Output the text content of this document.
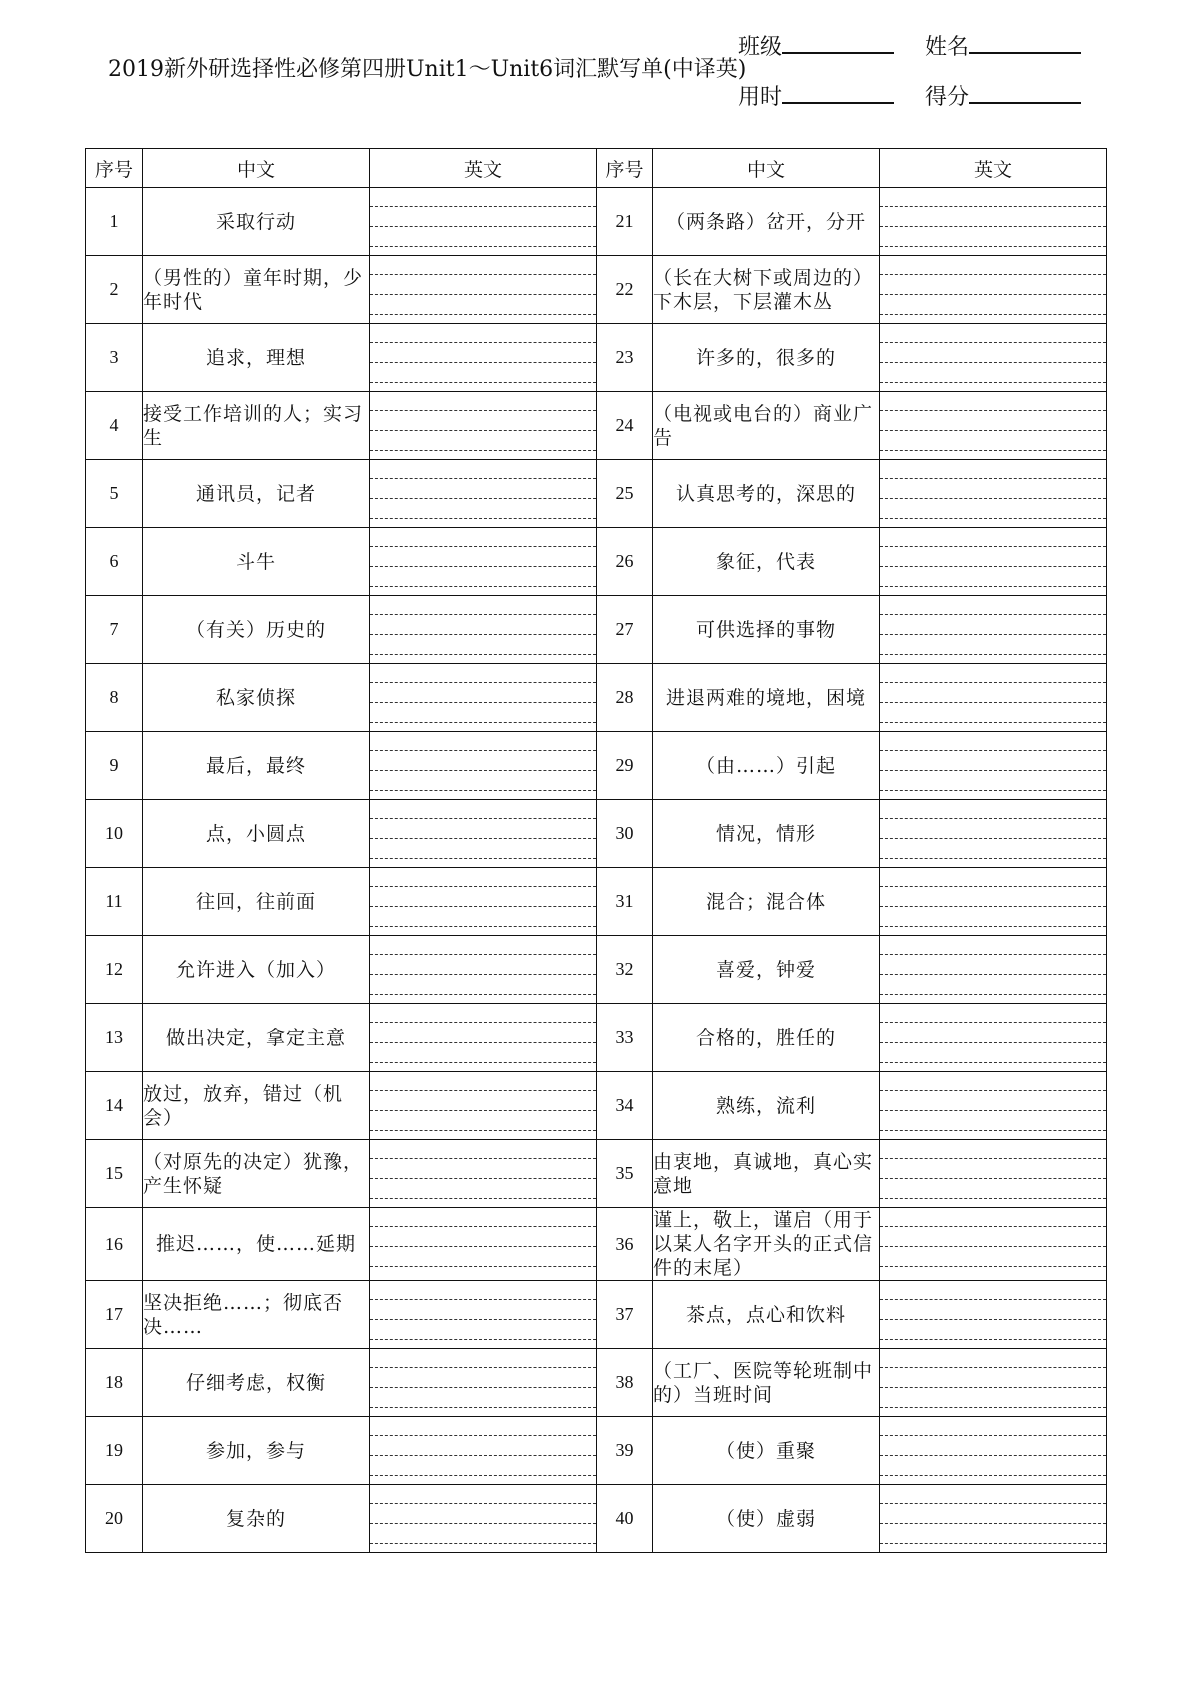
2019新外研选择性必修第四册Unit1～Unit6词汇默写单(中译英)
班级	姓名
用时	得分
序号	中文	英文	序号	中文	英文
1	采取行动		21	（两条路）岔开，分开	

2	（男性的）童年时期，少年时代		22	（长在大树下或周边的）下木层，下层灌木丛	

3	追求，理想		23	许多的，很多的	

4	接受工作培训的人；实习生		24	（电视或电台的）商业广告	

5	通讯员，记者		25	认真思考的，深思的	

6	斗牛		26	象征，代表	

7	（有关）历史的		27	可供选择的事物	

8	私家侦探		28	进退两难的境地，困境	

9	最后，最终		29	（由……）引起	

10	点，小圆点		30	情况，情形	

11	往回，往前面		31	混合；混合体	

12	允许进入（加入）		32	喜爱，钟爱	

13	做出决定，拿定主意		33	合格的，胜任的	

14	放过，放弃，错过（机会）		34	熟练，流利	

15	（对原先的决定）犹豫，产生怀疑		35	由衷地，真诚地，真心实意地	

16	推迟……，使……延期		36	谨上，敬上，谨启（用于以某人名字开头的正式信件的末尾）	

17	坚决拒绝……；彻底否决……		37	茶点，点心和饮料	

18	仔细考虑，权衡		38	（工厂、医院等轮班制中的）当班时间	

19	参加，参与		39	（使）重聚	

20	复杂的		40	（使）虚弱	
